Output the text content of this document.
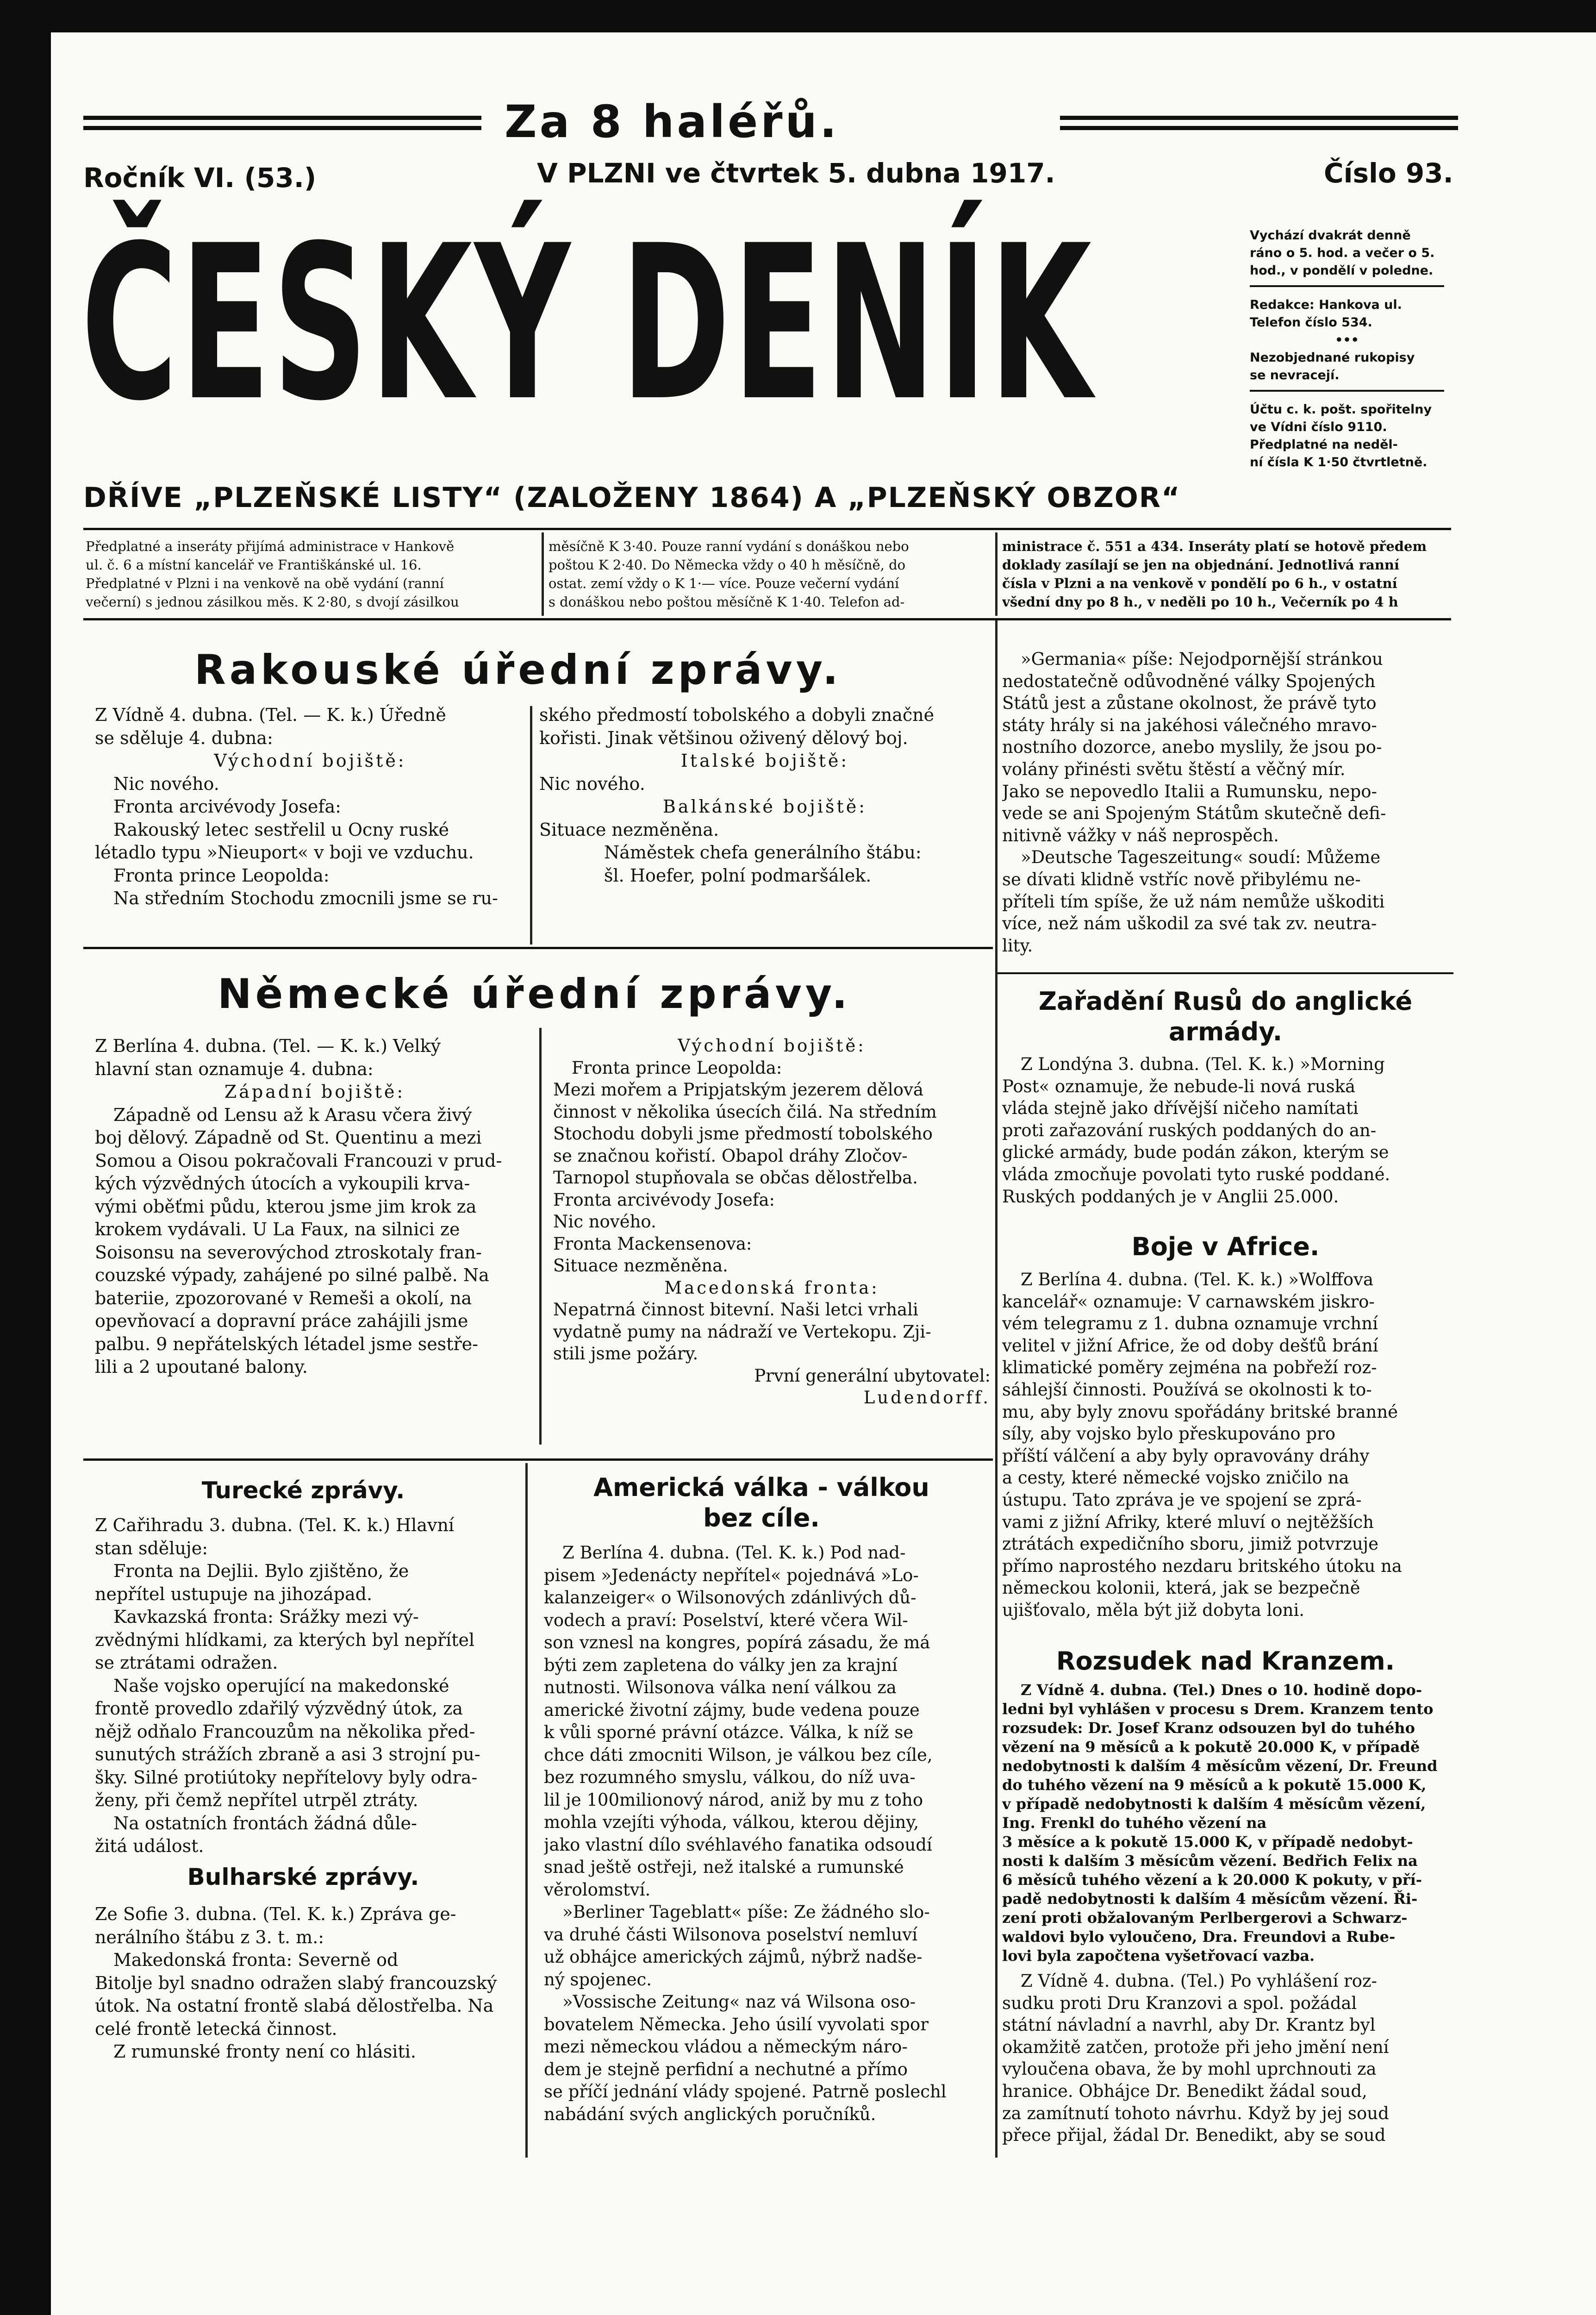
Za 8 haléřů.
Ročník VI. (53.)	V PLZNI ve čtvrtek 5. dubna 1917.	Číslo 93.
ČESKÝ DENÍK
DŘÍVE „PLZEŇSKÉ LISTY“ (ZALOŽENY 1864) A „PLZEŇSKÝ OBZOR“
Vychází dvakrát denně
ráno o 5. hod. a večer o 5.
hod., v pondělí v poledne.
Redakce: Hankova ul.
Telefon číslo 534.
•••
Nezobjednané rukopisy
se nevracejí.
Účtu c. k. pošt. spořitelny
ve Vídni číslo 9110.
Předplatné na neděl-
ní čísla K 1·50 čtvrtletně.
Předplatné a inseráty přijímá administrace v Hankově
ul. č. 6 a místní kancelář ve Františkánské ul. 16.
Předplatné v Plzni i na venkově na obě vydání (ranní
večerní) s jednou zásilkou měs. K 2·80, s dvojí zásilkou
měsíčně K 3·40. Pouze ranní vydání s donáškou nebo
poštou K 2·40. Do Německa vždy o 40 h měsíčně, do
ostat. zemí vždy o K 1·— více. Pouze večerní vydání
s donáškou nebo poštou měsíčně K 1·40. Telefon ad-
ministrace č. 551 a 434. Inseráty platí se hotově předem
doklady zasílají se jen na objednání. Jednotlivá ranní
čísla v Plzni a na venkově v pondělí po 6 h., v ostatní
všední dny po 8 h., v neděli po 10 h., Večerník po 4 h
Rakouské úřední zprávy.
Z Vídně 4. dubna. (Tel. — K. k.) Úředně
se sděluje 4. dubna:
Východní bojiště:
Nic nového.
Fronta arcivévody Josefa:
Rakouský letec sestřelil u Ocny ruské
létadlo typu »Nieuport« v boji ve vzduchu.
Fronta prince Leopolda:
Na středním Stochodu zmocnili jsme se ru-
ského předmostí tobolského a dobyli značné
kořisti. Jinak většinou oživený dělový boj.
Italské bojiště:
Nic nového.
Balkánské bojiště:
Situace nezměněna.
Náměstek chefa generálního štábu:
šl. Hoefer, polní podmaršálek.
Německé úřední zprávy.
Z Berlína 4. dubna. (Tel. — K. k.) Velký
hlavní stan oznamuje 4. dubna:
Západní bojiště:
Západně od Lensu až k Arasu včera živý
boj dělový. Západně od St. Quentinu a mezi
Somou a Oisou pokračovali Francouzi v prud-
kých výzvědných útocích a vykoupili krva-
vými oběťmi půdu, kterou jsme jim krok za
krokem vydávali. U La Faux, na silnici ze
Soisonsu na severovýchod ztroskotaly fran-
couzské výpady, zahájené po silné palbě. Na
bateriie, zpozorované v Remeši a okolí, na
opevňovací a dopravní práce zahájili jsme
palbu. 9 nepřátelských létadel jsme sestře-
lili a 2 upoutané balony.
Východní bojiště:
Fronta prince Leopolda:
Mezi mořem a Pripjatským jezerem dělová
činnost v několika úsecích čilá. Na středním
Stochodu dobyli jsme předmostí tobolského
se značnou kořistí. Obapol dráhy Zločov-
Tarnopol stupňovala se občas dělostřelba.
Fronta arcivévody Josefa:
Nic nového.
Fronta Mackensenova:
Situace nezměněna.
Macedonská fronta:
Nepatrná činnost bitevní. Naši letci vrhali
vydatně pumy na nádraží ve Vertekopu. Zji-
stili jsme požáry.
První generální ubytovatel:
Ludendorff.
Turecké zprávy.
Z Cařihradu 3. dubna. (Tel. K. k.) Hlavní
stan sděluje:
Fronta na Dejlii. Bylo zjištěno, že
nepřítel ustupuje na jihozápad.
Kavkazská fronta: Srážky mezi vý-
zvědnými hlídkami, za kterých byl nepřítel
se ztrátami odražen.
Naše vojsko operující na makedonské
frontě provedlo zdařilý výzvědný útok, za
nějž odňalo Francouzům na několika před-
sunutých strážích zbraně a asi 3 strojní pu-
šky. Silné protiútoky nepřítelovy byly odra-
ženy, při čemž nepřítel utrpěl ztráty.
Na ostatních frontách žádná důle-
žitá událost.
Bulharské zprávy.
Ze Sofie 3. dubna. (Tel. K. k.) Zpráva ge-
nerálního štábu z 3. t. m.:
Makedonská fronta: Severně od
Bitolje byl snadno odražen slabý francouzský
útok. Na ostatní frontě slabá dělostřelba. Na
celé frontě letecká činnost.
Z rumunské fronty není co hlásiti.
Americká válka - válkou
bez cíle.
Z Berlína 4. dubna. (Tel. K. k.) Pod nad-
pisem »Jedenácty nepřítel« pojednává »Lo-
kalanzeiger« o Wilsonových zdánlivých dů-
vodech a praví: Poselství, které včera Wil-
son vznesl na kongres, popírá zásadu, že má
býti zem zapletena do války jen za krajní
nutnosti. Wilsonova válka není válkou za
americké životní zájmy, bude vedena pouze
k vůli sporné právní otázce. Válka, k níž se
chce dáti zmocniti Wilson, je válkou bez cíle,
bez rozumného smyslu, válkou, do níž uva-
lil je 100milionový národ, aniž by mu z toho
mohla vzejíti výhoda, válkou, kterou dějiny,
jako vlastní dílo svéhlavého fanatika odsoudí
snad ještě ostřeji, než italské a rumunské
věrolomství.
»Berliner Tageblatt« píše: Ze žádného slo-
va druhé části Wilsonova poselství nemluví
už obhájce amerických zájmů, nýbrž nadše-
ný spojenec.
»Vossische Zeitung« naz vá Wilsona oso-
bovatelem Německa. Jeho úsilí vyvolati spor
mezi německou vládou a německým náro-
dem je stejně perfidní a nechutné a přímo
se příčí jednání vlády spojené. Patrně poslechl
nabádání svých anglických poručníků.
»Germania« píše: Nejodpornější stránkou
nedostatečně odůvodněné války Spojených
Států jest a zůstane okolnost, že právě tyto
státy hrály si na jakéhosi válečného mravo-
nostního dozorce, anebo myslily, že jsou po-
volány přinésti světu štěstí a věčný mír.
Jako se nepovedlo Italii a Rumunsku, nepo-
vede se ani Spojeným Státům skutečně defi-
nitivně vážky v náš neprospěch.
»Deutsche Tageszeitung« soudí: Můžeme
se dívati klidně vstříc nově přibylému ne-
příteli tím spíše, že už nám nemůže uškoditi
více, než nám uškodil za své tak zv. neutra-
lity.
Zařadění Rusů do anglické
armády.
Z Londýna 3. dubna. (Tel. K. k.) »Morning
Post« oznamuje, že nebude-li nová ruská
vláda stejně jako dřívější ničeho namítati
proti zařazování ruských poddaných do an-
glické armády, bude podán zákon, kterým se
vláda zmocňuje povolati tyto ruské poddané.
Ruských poddaných je v Anglii 25.000.
Boje v Africe.
Z Berlína 4. dubna. (Tel. K. k.) »Wolffova
kancelář« oznamuje: V carnawském jiskro-
vém telegramu z 1. dubna oznamuje vrchní
velitel v jižní Africe, že od doby dešťů brání
klimatické poměry zejména na pobřeží roz-
sáhlejší činnosti. Používá se okolnosti k to-
mu, aby byly znovu spořádány britské branné
síly, aby vojsko bylo přeskupováno pro
příští válčení a aby byly opravovány dráhy
a cesty, které německé vojsko zničilo na
ústupu. Tato zpráva je ve spojení se zprá-
vami z jižní Afriky, které mluví o nejtěžších
ztrátách expedičního sboru, jimiž potvrzuje
přímo naprostého nezdaru britského útoku na
německou kolonii, která, jak se bezpečně
ujišťovalo, měla být již dobyta loni.
Rozsudek nad Kranzem.
Z Vídně 4. dubna. (Tel.) Dnes o 10. hodině dopo-
ledni byl vyhlášen v procesu s Drem. Kranzem tento
rozsudek: Dr. Josef Kranz odsouzen byl do tuhého
vězení na 9 měsíců a k pokutě 20.000 K, v případě
nedobytnosti k dalším 4 měsícům vězení, Dr. Freund
do tuhého vězení na 9 měsíců a k pokutě 15.000 K,
v případě nedobytnosti k dalším 4 měsícům vězení,
Ing. Frenkl do tuhého vězení na
3 měsíce a k pokutě 15.000 K, v případě nedobyt-
nosti k dalším 3 měsícům vězení. Bedřich Felix na
6 měsíců tuhého vězení a k 20.000 K pokuty, v pří-
padě nedobytnosti k dalším 4 měsícům vězení. Ři-
zení proti obžalovaným Perlbergerovi a Schwarz-
waldovi bylo vyloučeno, Dra. Freundovi a Rube-
lovi byla započtena vyšetřovací vazba.
Z Vídně 4. dubna. (Tel.) Po vyhlášení roz-
sudku proti Dru Kranzovi a spol. požádal
státní návladní a navrhl, aby Dr. Krantz byl
okamžitě zatčen, protože při jeho jmění není
vyloučena obava, že by mohl uprchnouti za
hranice. Obhájce Dr. Benedikt žádal soud,
za zamítnutí tohoto návrhu. Když by jej soud
přece přijal, žádal Dr. Benedikt, aby se soud
